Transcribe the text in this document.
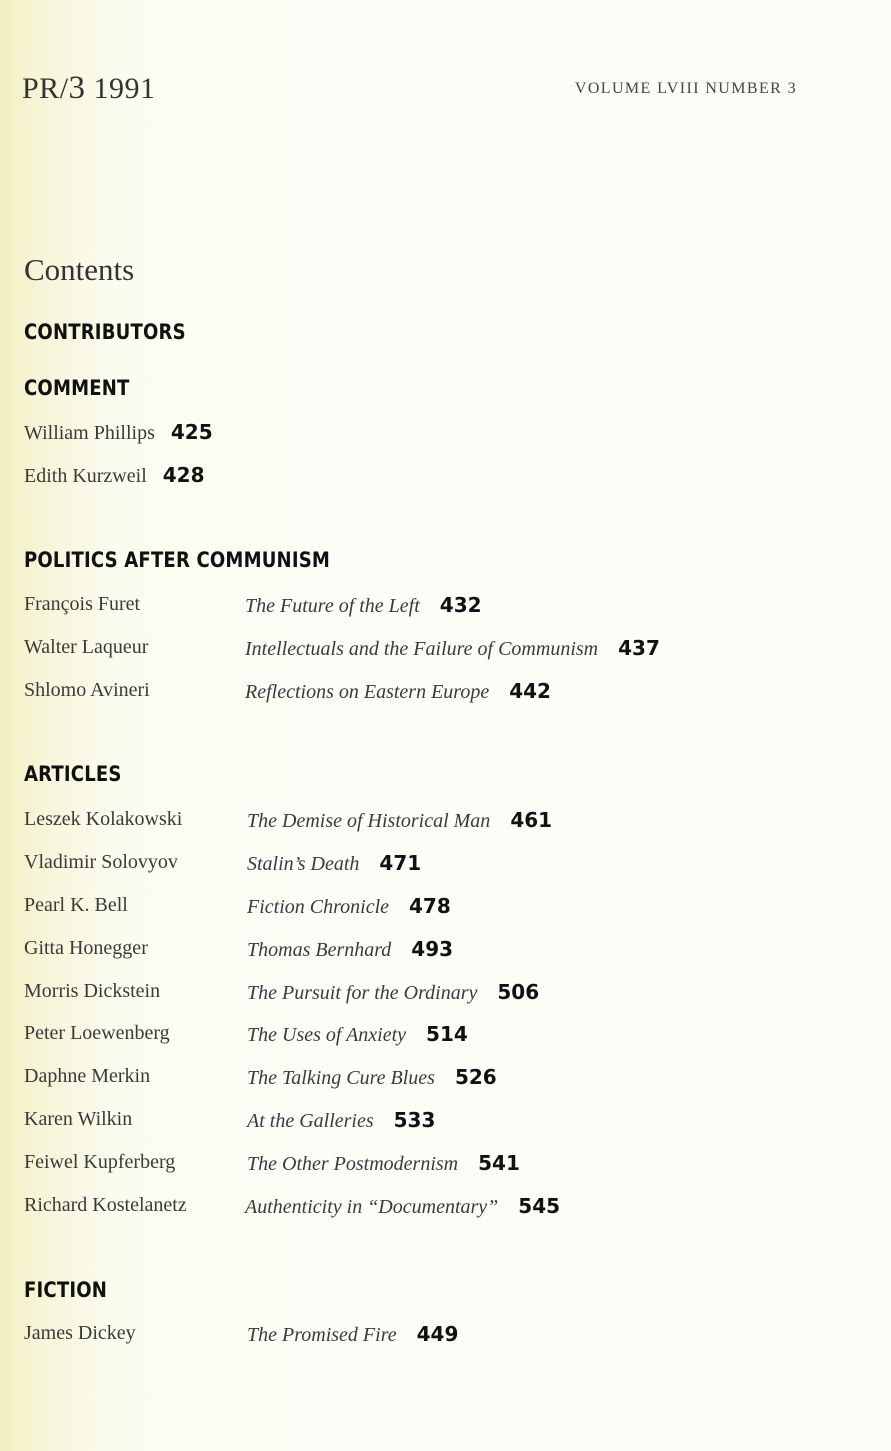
PR/3 1991	VOLUME LVIII NUMBER 3
Contents
CONTRIBUTORS
COMMENT
William Phillips 425
Edith Kurzweil 428
POLITICS AFTER COMMUNISM
François Furet	The Future of the Left 432
Walter Laqueur	Intellectuals and the Failure of Communism 437
Shlomo Avineri	Reflections on Eastern Europe 442
ARTICLES
Leszek Kolakowski	The Demise of Historical Man 461
Vladimir Solovyov	Stalin’s Death 471
Pearl K. Bell	Fiction Chronicle 478
Gitta Honegger	Thomas Bernhard 493
Morris Dickstein	The Pursuit for the Ordinary 506
Peter Loewenberg	The Uses of Anxiety 514
Daphne Merkin	The Talking Cure Blues 526
Karen Wilkin	At the Galleries 533
Feiwel Kupferberg	The Other Postmodernism 541
Richard Kostelanetz	Authenticity in “Documentary” 545
FICTION
James Dickey	The Promised Fire 449
